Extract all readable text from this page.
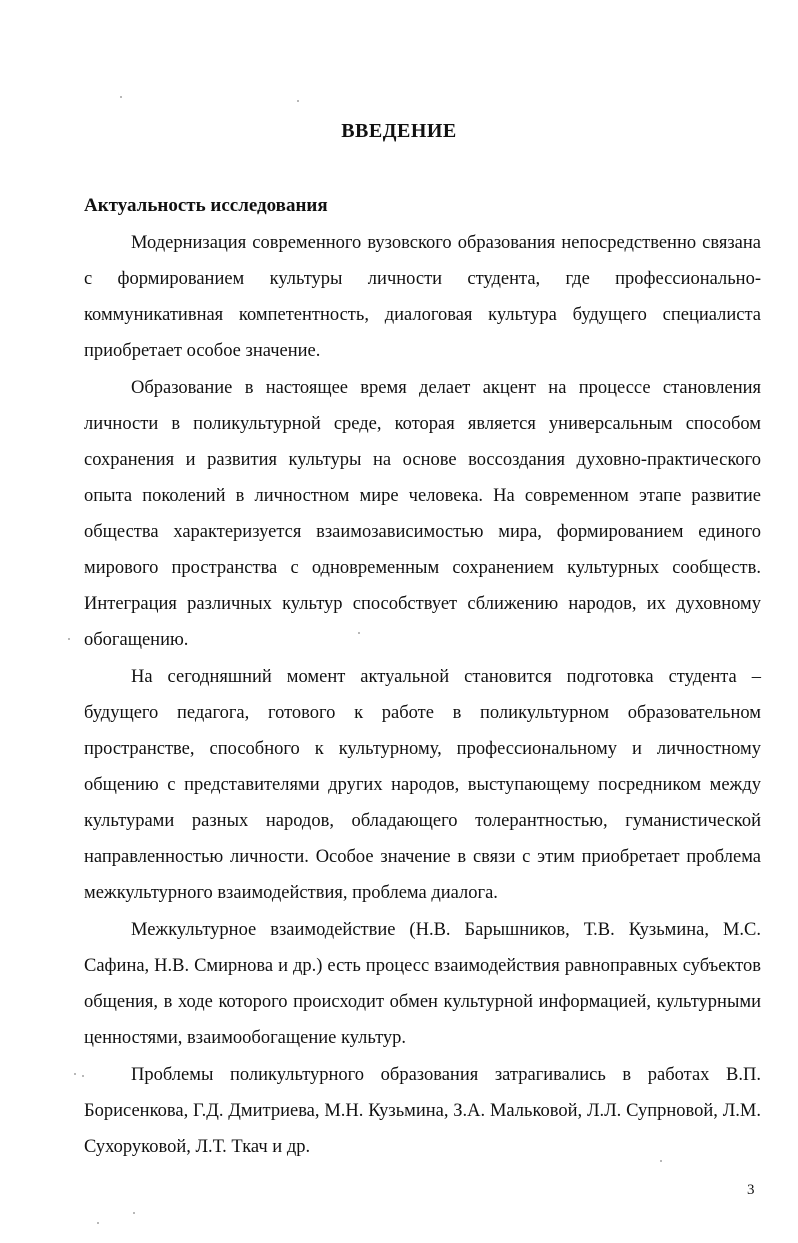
ВВЕДЕНИЕ
Актуальность исследования

Модернизация современного вузовского образования непосредственно связана с формированием культуры личности студента, где профессионально-коммуникативная компетентность, диалоговая культура будущего специалиста приобретает особое значение.

Образование в настоящее время делает акцент на процессе становления личности в поликультурной среде, которая является универсальным способом сохранения и развития культуры на основе воссоздания духовно-практического опыта поколений в личностном мире человека. На современном этапе развитие общества характеризуется взаимозависимостью мира, формированием единого мирового пространства с одновременным сохранением культурных сообществ. Интеграция различных культур способствует сближению народов, их духовному обогащению.

На сегодняшний момент актуальной становится подготовка студента – будущего педагога, готового к работе в поликультурном образовательном пространстве, способного к культурному, профессиональному и личностному общению с представителями других народов, выступающему посредником между культурами разных народов, обладающего толерантностью, гуманистической направленностью личности. Особое значение в связи с этим приобретает проблема межкультурного взаимодействия, проблема диалога.

Межкультурное взаимодействие (Н.В. Барышников, Т.В. Кузьмина, М.С. Сафина, Н.В. Смирнова и др.) есть процесс взаимодействия равноправных субъектов общения, в ходе которого происходит обмен культурной информацией, культурными ценностями, взаимообогащение культур.

Проблемы поликультурного образования затрагивались в работах В.П. Борисенкова, Г.Д. Дмитриева, М.Н. Кузьмина, З.А. Мальковой, Л.Л. Супрновой, Л.М. Сухоруковой, Л.Т. Ткач и др.

3
